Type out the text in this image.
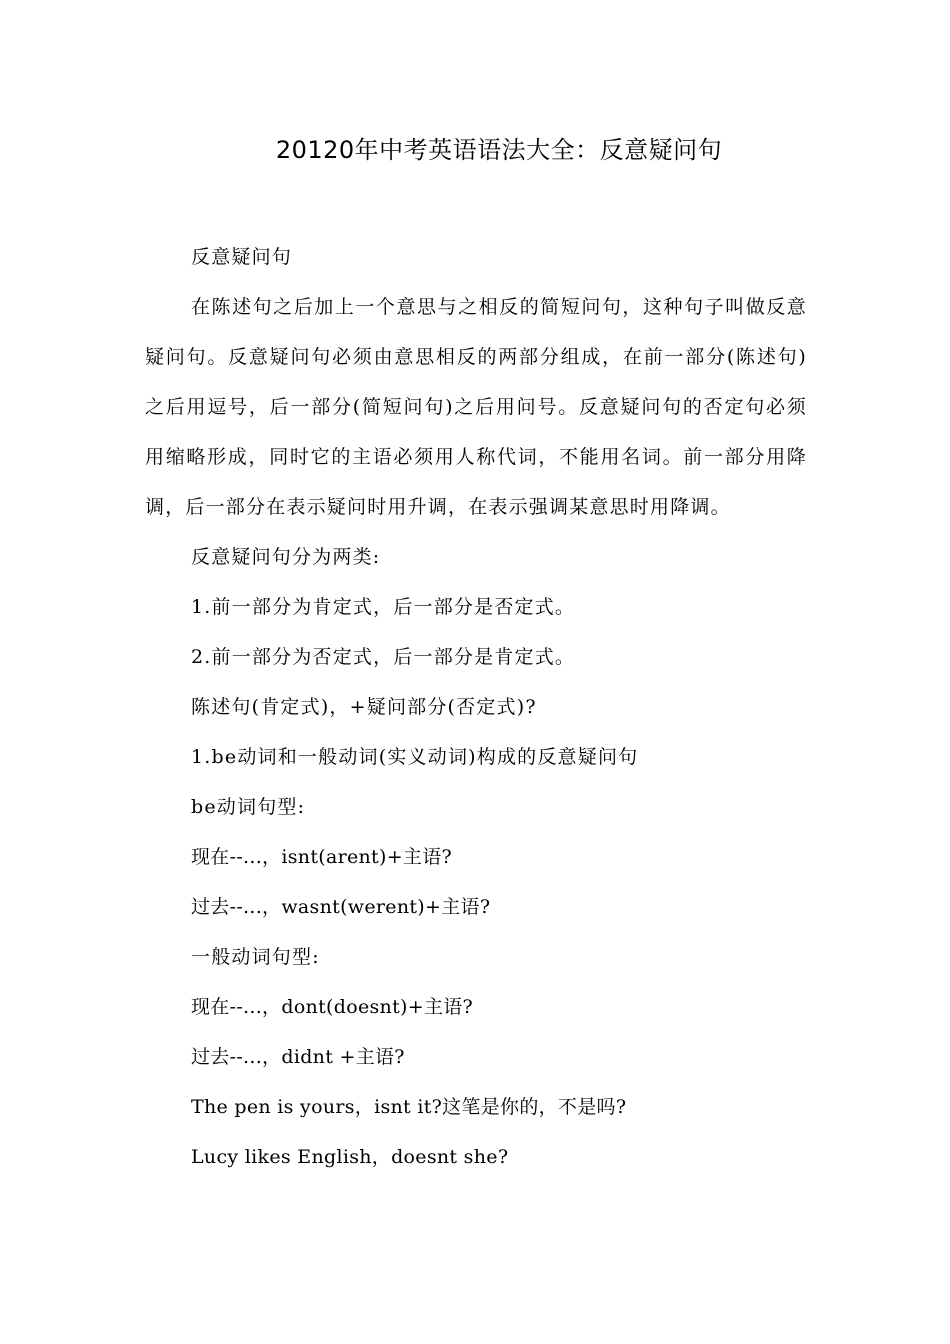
20120年中考英语语法大全：反意疑问句

反意疑问句

在陈述句之后加上一个意思与之相反的简短问句，这种句子叫做反意疑问句。反意疑问句必须由意思相反的两部分组成，在前一部分(陈述句)之后用逗号，后一部分(简短问句)之后用问号。反意疑问句的否定句必须用缩略形成，同时它的主语必须用人称代词，不能用名词。前一部分用降调，后一部分在表示疑问时用升调，在表示强调某意思时用降调。

反意疑问句分为两类:

1.前一部分为肯定式，后一部分是否定式。

2.前一部分为否定式，后一部分是肯定式。

陈述句(肯定式)，+疑问部分(否定式)?

1.be动词和一般动词(实义动词)构成的反意疑问句

be动词句型:

现在--...，isnt(arent)+主语?

过去--...，wasnt(werent)+主语?

一般动词句型:

现在--...，dont(doesnt)+主语?

过去--...，didnt +主语?

The pen is yours，isnt it?这笔是你的，不是吗?

Lucy likes English，doesnt she?
